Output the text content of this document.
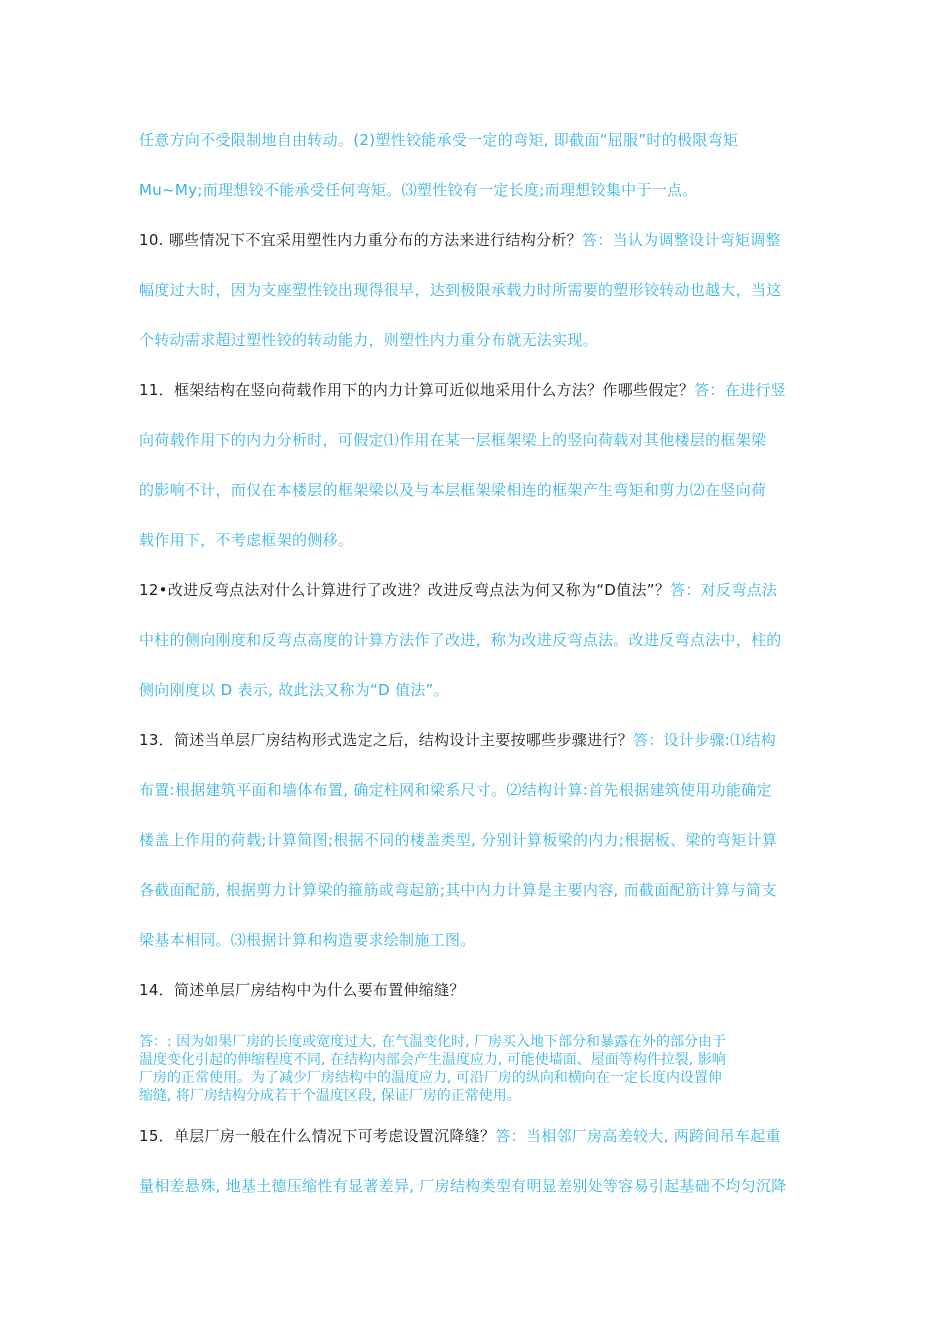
任意方向不受限制地自由转动。(2)塑性铰能承受一定的弯矩, 即截面“屈服”时的极限弯矩
Mu~My;而理想铰不能承受任何弯矩。⑶塑性铰有一定长度;而理想铰集中于一点。
10. 哪些情况下不宜采用塑性内力重分布的方法来进行结构分析？答：当认为调整设计弯矩调整
幅度过大时，因为支座塑性铰出现得很早，达到极限承载力时所需要的塑形铰转动也越大，当这
个转动需求超过塑性铰的转动能力，则塑性内力重分布就无法实现。
11．框架结构在竖向荷载作用下的内力计算可近似地采用什么方法？作哪些假定？答：在进行竖
向荷载作用下的内力分析时，可假定⑴作用在某一层框架梁上的竖向荷载对其他楼层的框架梁
的影响不计，而仅在本楼层的框架梁以及与本层框架梁相连的框架产生弯矩和剪力⑵在竖向荷
载作用下，不考虑框架的侧移。
12•改进反弯点法对什么计算进行了改进？改进反弯点法为何又称为“D值法”？答：对反弯点法
中柱的侧向刚度和反弯点高度的计算方法作了改进，称为改进反弯点法。改进反弯点法中，柱的
侧向刚度以 D 表示, 故此法又称为“D 值法”。
13．简述当单层厂房结构形式选定之后，结构设计主要按哪些步骤进行？答：设计步骤:⑴结构
布置:根据建筑平面和墙体布置, 确定柱网和梁系尺寸。⑵结构计算:首先根据建筑使用功能确定
楼盖上作用的荷载;计算简图;根据不同的楼盖类型, 分别计算板梁的内力;根据板、梁的弯矩计算
各截面配筋, 根据剪力计算梁的箍筋或弯起筋;其中内力计算是主要内容, 而截面配筋计算与简支
梁基本相同。⑶根据计算和构造要求绘制施工图。
14．简述单层厂房结构中为什么要布置伸缩缝？
15．单层厂房一般在什么情况下可考虑设置沉降缝？答：当相邻厂房高差较大, 两跨间吊车起重
量相差悬殊, 地基土德压缩性有显著差异, 厂房结构类型有明显差别处等容易引起基础不均匀沉降
答：: 因为如果厂房的长度或宽度过大, 在气温变化时, 厂房买入地下部分和暴露在外的部分由于
温度变化引起的伸缩程度不同, 在结构内部会产生温度应力, 可能使墙面、屋面等构件拉裂, 影响
厂房的正常使用。为了减少厂房结构中的温度应力, 可沿厂房的纵向和横向在一定长度内设置伸
缩缝, 将厂房结构分成若干个温度区段, 保证厂房的正常使用。
